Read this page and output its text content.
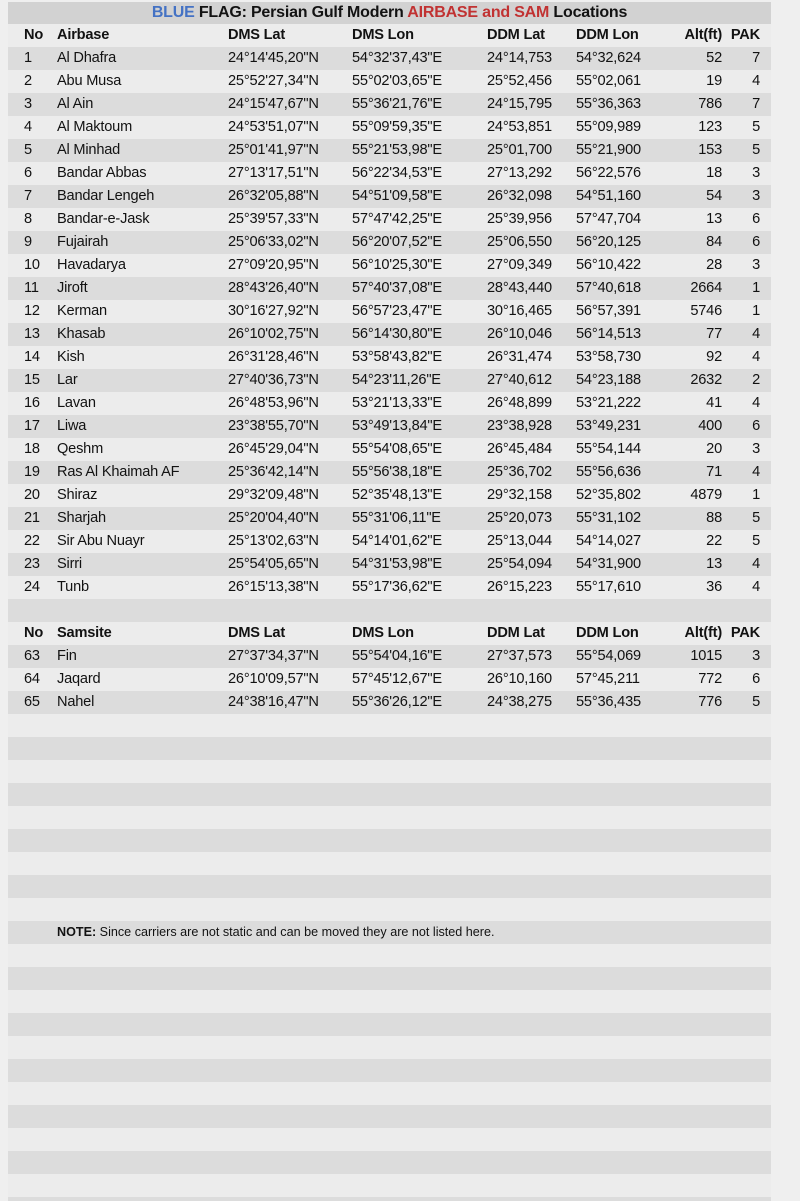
BLUE FLAG: Persian Gulf Modern AIRBASE and SAM Locations
No Airbase	DMS Lat	DMS Lon	DDM Lat	DDM Lon	Alt(ft) PAK
1	Al Dhafra	24°14'45,20"N	54°32'37,43"E	24°14,753	54°32,624	52	7
2	Abu Musa	25°52'27,34"N	55°02'03,65"E	25°52,456	55°02,061	19	4
3	Al Ain	24°15'47,67"N	55°36'21,76"E	24°15,795	55°36,363	786	7
4	Al Maktoum	24°53'51,07"N	55°09'59,35"E	24°53,851	55°09,989	123	5
5	Al Minhad	25°01'41,97"N	55°21'53,98"E	25°01,700	55°21,900	153	5
6	Bandar Abbas	27°13'17,51"N	56°22'34,53"E	27°13,292	56°22,576	18	3
7	Bandar Lengeh	26°32'05,88"N	54°51'09,58"E	26°32,098	54°51,160	54	3
8	Bandar-e-Jask	25°39'57,33"N	57°47'42,25"E	25°39,956	57°47,704	13	6
9	Fujairah	25°06'33,02"N	56°20'07,52"E	25°06,550	56°20,125	84	6
10	Havadarya	27°09'20,95"N	56°10'25,30"E	27°09,349	56°10,422	28	3
11	Jiroft	28°43'26,40"N	57°40'37,08"E	28°43,440	57°40,618	2664	1
12	Kerman	30°16'27,92"N	56°57'23,47"E	30°16,465	56°57,391	5746	1
13	Khasab	26°10'02,75"N	56°14'30,80"E	26°10,046	56°14,513	77	4
14	Kish	26°31'28,46"N	53°58'43,82"E	26°31,474	53°58,730	92	4
15	Lar	27°40'36,73"N	54°23'11,26"E	27°40,612	54°23,188	2632	2
16	Lavan	26°48'53,96"N	53°21'13,33"E	26°48,899	53°21,222	41	4
17	Liwa	23°38'55,70"N	53°49'13,84"E	23°38,928	53°49,231	400	6
18	Qeshm	26°45'29,04"N	55°54'08,65"E	26°45,484	55°54,144	20	3
19	Ras Al Khaimah AF	25°36'42,14"N	55°56'38,18"E	25°36,702	55°56,636	71	4
20	Shiraz	29°32'09,48"N	52°35'48,13"E	29°32,158	52°35,802	4879	1
21	Sharjah	25°20'04,40"N	55°31'06,11"E	25°20,073	55°31,102	88	5
22	Sir Abu Nuayr	25°13'02,63"N	54°14'01,62"E	25°13,044	54°14,027	22	5
23	Sirri	25°54'05,65"N	54°31'53,98"E	25°54,094	54°31,900	13	4
24	Tunb	26°15'13,38"N	55°17'36,62"E	26°15,223	55°17,610	36	4
No Samsite	DMS Lat	DMS Lon	DDM Lat	DDM Lon	Alt(ft) PAK
63	Fin	27°37'34,37"N	55°54'04,16"E	27°37,573	55°54,069	1015	3
64	Jaqard	26°10'09,57"N	57°45'12,67"E	26°10,160	57°45,211	772	6
65	Nahel	24°38'16,47"N	55°36'26,12"E	24°38,275	55°36,435	776	5
NOTE: Since carriers are not static and can be moved they are not listed here.
